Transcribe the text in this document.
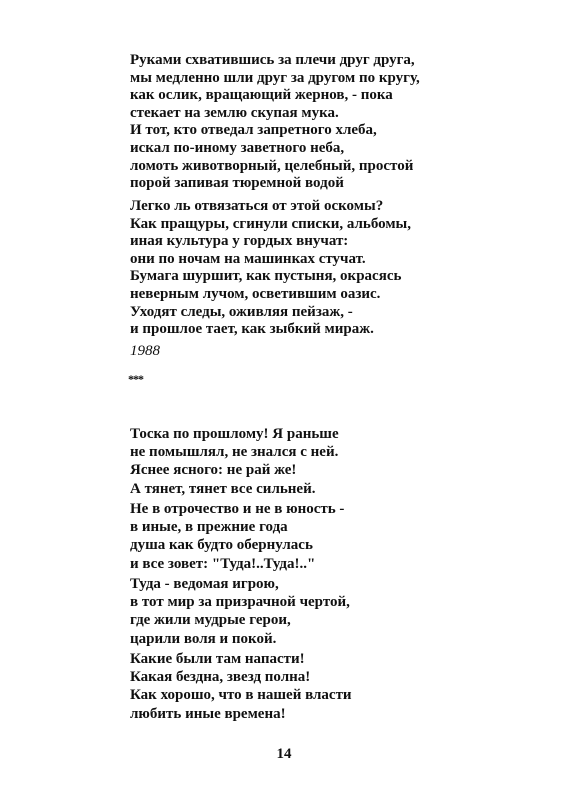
Руками схватившись за плечи друг друга,
мы медленно шли друг за другом по кругу,
как ослик, вращающий жернов, - пока
стекает на землю скупая мука.
И тот, кто отведал запретного хлеба,
искал по-иному заветного неба,
ломоть животворный, целебный, простой
порой запивая тюремной водой
Легко ль отвязаться от этой оскомы?
Как пращуры, сгинули списки, альбомы,
иная культура у гордых внучат:
они по ночам на машинках стучат.
Бумага шуршит, как пустыня, окрасясь
неверным лучом, осветившим оазис.
Уходят следы, оживляя пейзаж, -
и прошлое тает, как зыбкий мираж.
1988
***
Тоска по прошлому! Я раньше
не помышлял, не знался с ней.
Яснее ясного: не рай же!
А тянет, тянет все сильней.
Не в отрочество и не в юность -
в иные, в прежние года
душа как будто обернулась
и все зовет: "Туда!..Туда!.."
Туда - ведомая игрою,
в тот мир за призрачной чертой,
где жили мудрые герои,
царили воля и покой.
Какие были там напасти!
Какая бездна, звезд полна!
Как хорошо, что в нашей власти
любить иные времена!
14
